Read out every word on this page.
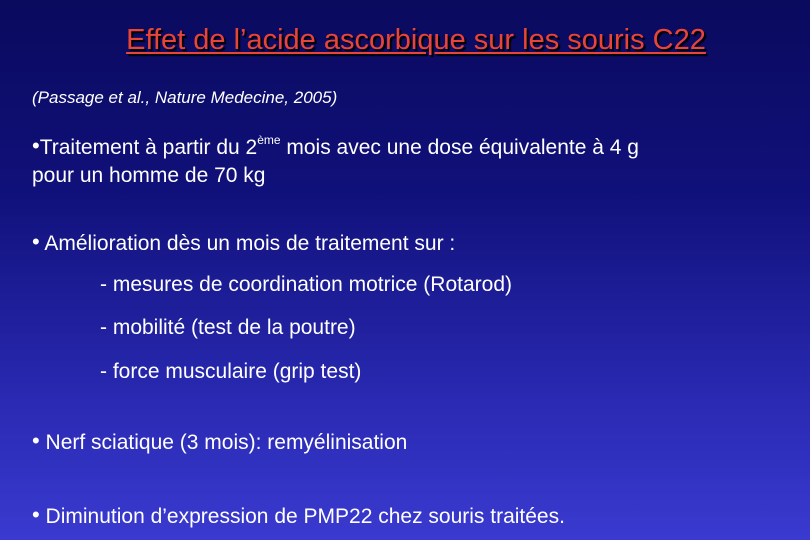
Effet de l’acide ascorbique sur les souris C22
(Passage et al., Nature Medecine, 2005)
•Traitement à partir du 2ème mois avec une dose équivalente à 4 g
pour un homme de 70 kg
• Amélioration dès un mois de traitement sur :
- mesures de coordination motrice (Rotarod)
- mobilité (test de la poutre)
- force musculaire (grip test)
• Nerf sciatique (3 mois): remyélinisation
• Diminution d’expression de PMP22 chez souris traitées.
